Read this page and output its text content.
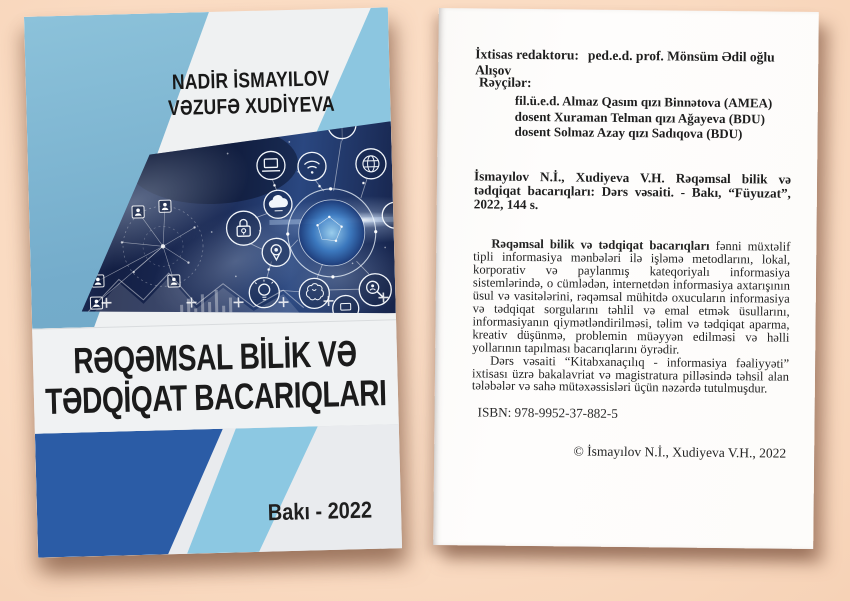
NADİR İSMAYILOV
VƏZUFƏ XUDİYEVA
RƏQƏMSAL BİLİK VƏ
TƏDQİQAT BACARIQLARI
Bakı - 2022
İxtisas redaktoru: ped.e.d. prof. Mönsüm Ədil oğlu Alışov
Rəyçilər:
fil.ü.e.d. Almaz Qasım qızı Binnətova (AMEA)
dosent Xuraman Telman qızı Ağayeva (BDU)
dosent Solmaz Azay qızı Sadıqova (BDU)
İsmayılov N.İ., Xudiyeva V.H. Rəqəmsal bilik və tədqiqat bacarıqları: Dərs vəsaiti. - Bakı, “Füyuzat”, 2022, 144 s.

Rəqəmsal bilik və tədqiqat bacarıqları fənni müxtəlif tipli informasiya mənbələri ilə işləmə metodlarını, lokal, korporativ və paylanmış kateqoriyalı informasiya sistemlərində, o cümlədən, internetdən informasiya axtarışının üsul və vasitələrini, rəqəmsal mühitdə oxucuların informasiya və tədqiqat sorgularını təhlil və emal etmək üsullarını, informasiyanın qiymətləndirilməsi, təlim və tədqiqat aparma, kreativ düşünmə, problemin müəyyən edilməsi və həlli yollarının tapılması bacarıqlarını öyrədir.

Dərs vəsaiti “Kitabxanaçılıq - informasiya fəaliyyəti” ixtisası üzrə bakalavriat və magistratura pilləsində təhsil alan tələbələr və sahə mütəxəssisləri üçün nəzərdə tutulmuşdur.

ISBN: 978-9952-37-882-5
© İsmayılov N.İ., Xudiyeva V.H., 2022
